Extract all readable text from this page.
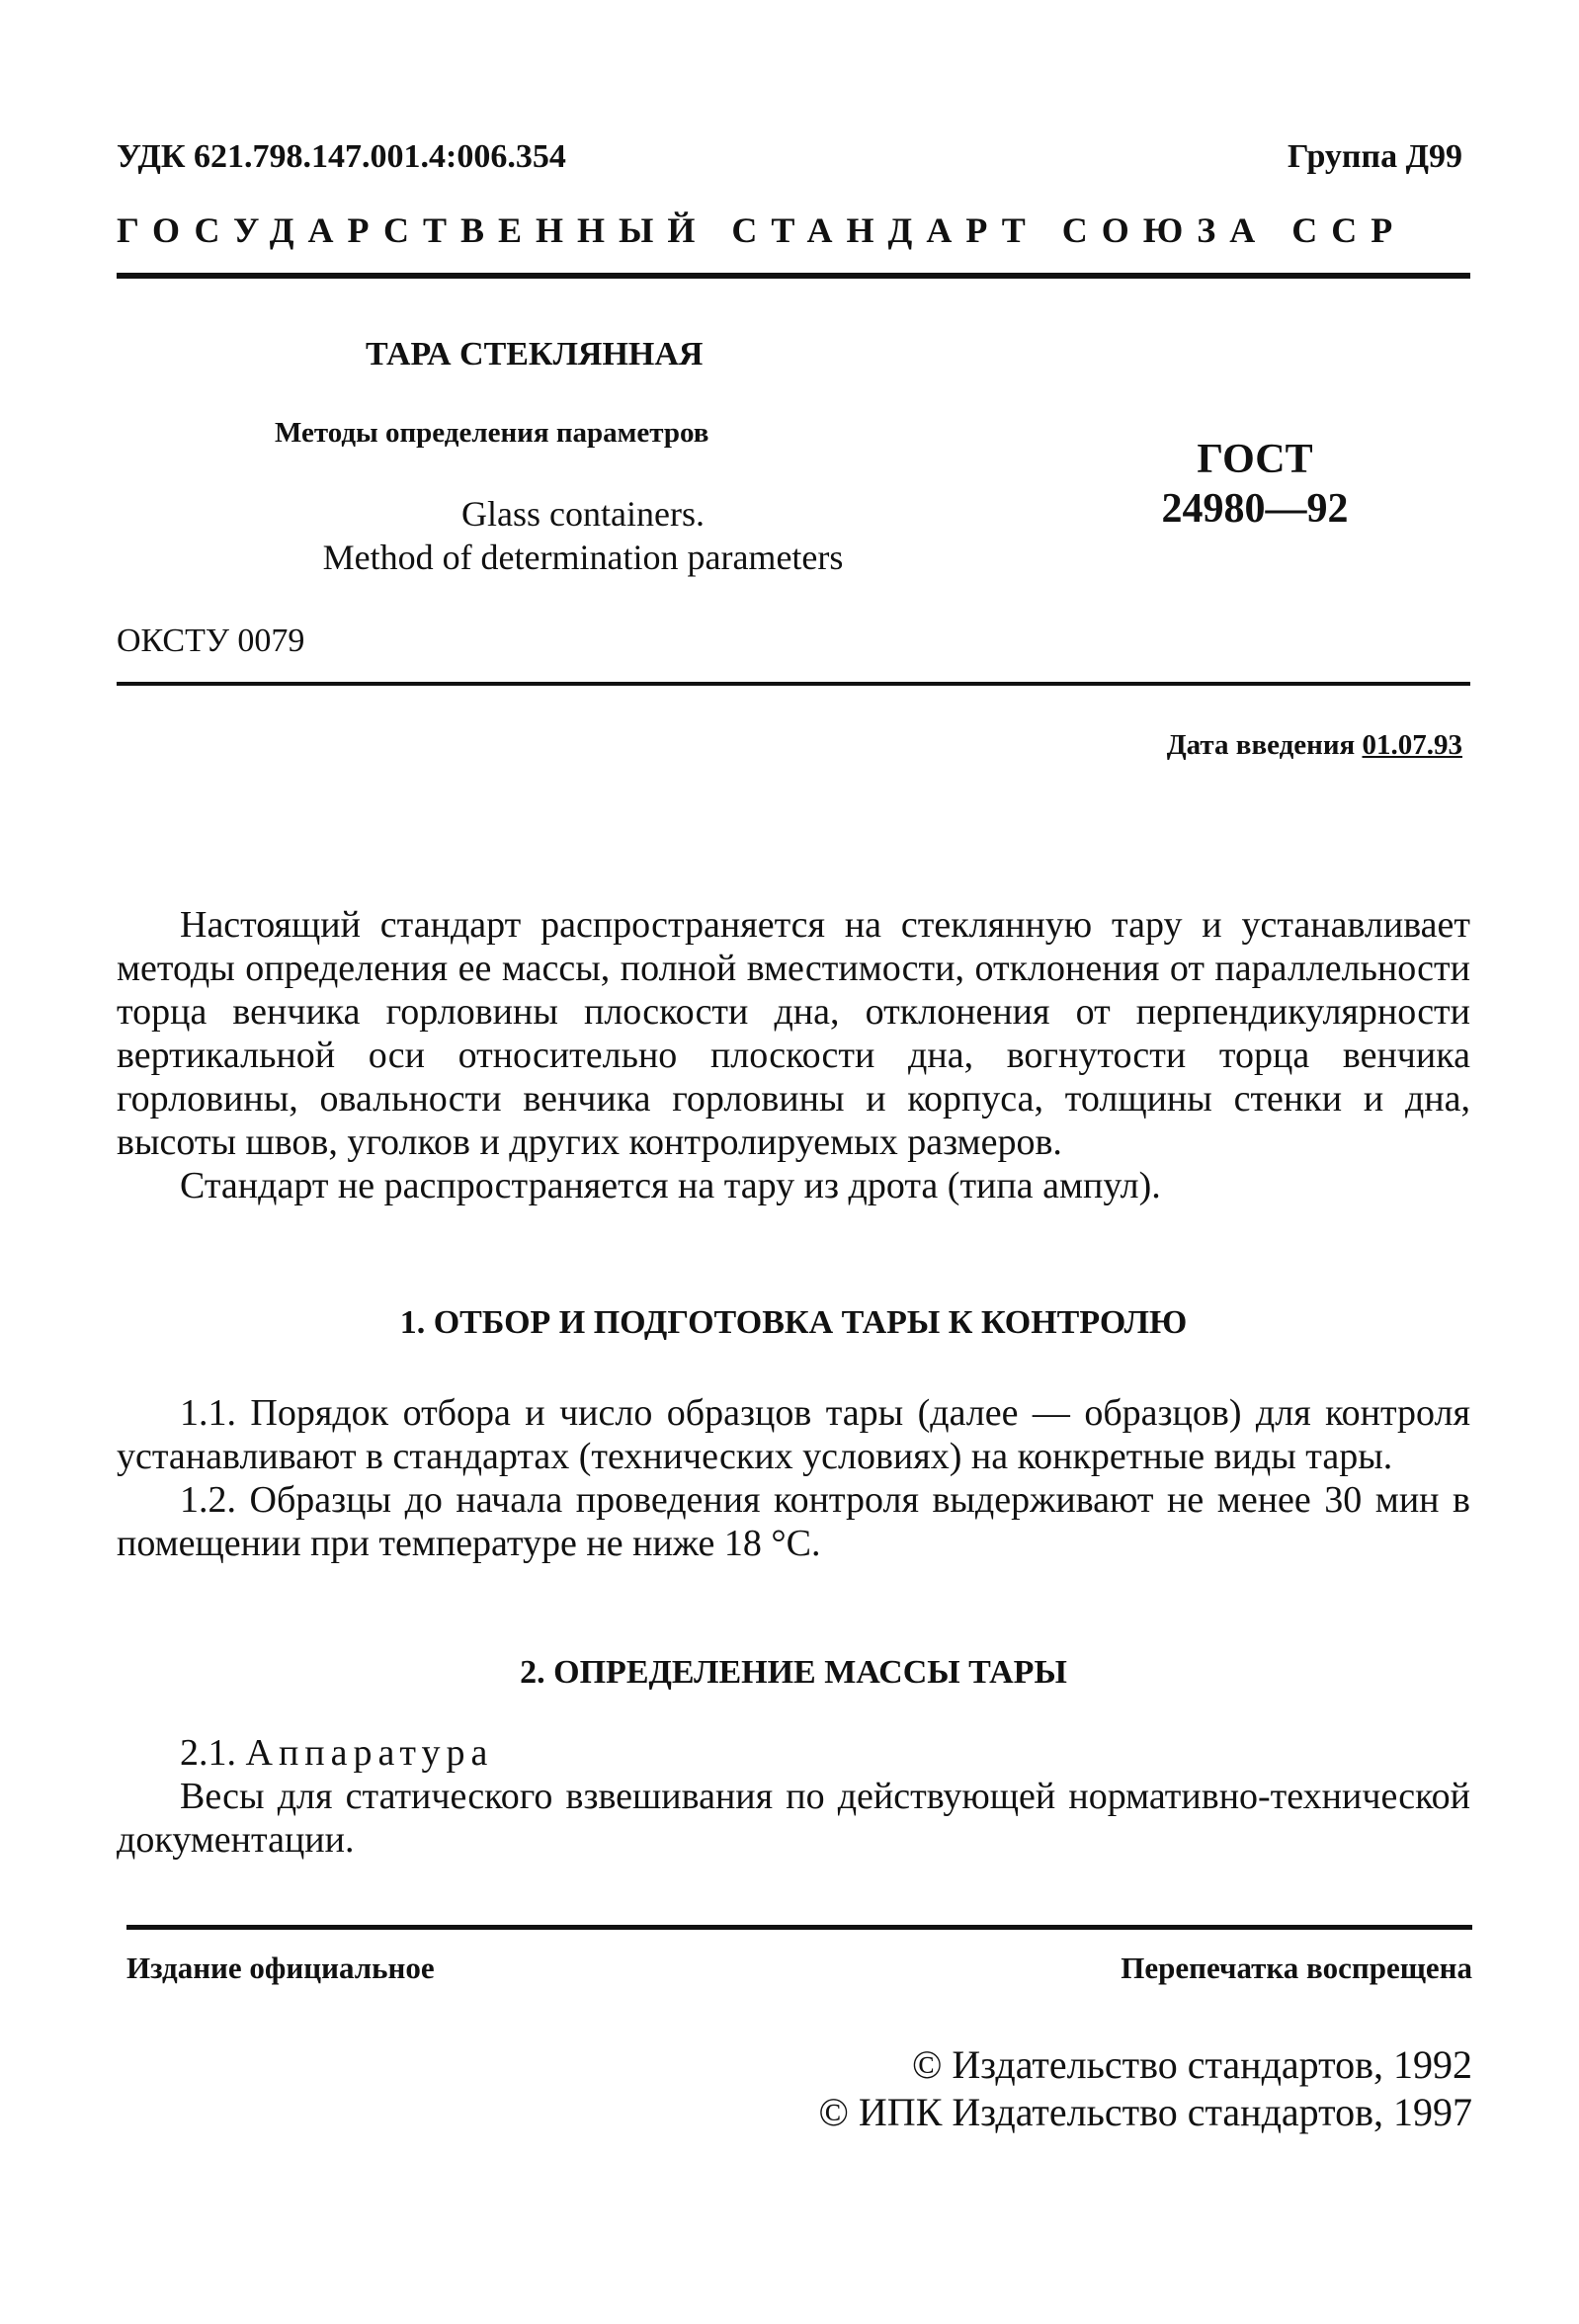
УДК 621.798.147.001.4:006.354	Группа Д99
ГОСУДАРСТВЕННЫЙ СТАНДАРТ СОЮЗА ССР
ТАРА СТЕКЛЯННАЯ
Методы определения параметров
Glass containers.
Method of determination parameters
ГОСТ
24980—92
ОКСТУ 0079
Дата введения 01.07.93

Настоящий стандарт распространяется на стеклянную тару и устанавливает методы определения ее массы, полной вместимости, отклонения от параллельности торца венчика горловины плоскости дна, отклонения от перпендикулярности вертикальной оси относительно плоскости дна, вогнутости торца венчика горловины, овальности венчика горловины и корпуса, толщины стенки и дна, высоты швов, уголков и других контролируемых размеров.

Стандарт не распространяется на тару из дрота (типа ампул).

1. ОТБОР И ПОДГОТОВКА ТАРЫ К КОНТРОЛЮ

1.1. Порядок отбора и число образцов тары (далее — образцов) для контроля устанавливают в стандартах (технических условиях) на конкретные виды тары.

1.2. Образцы до начала проведения контроля выдерживают не менее 30 мин в помещении при температуре не ниже 18 °С.

2. ОПРЕДЕЛЕНИЕ МАССЫ ТАРЫ

2.1. Аппаратура

Весы для статического взвешивания по действующей нормативно-технической документации.

Издание официальное	Перепечатка воспрещена
© Издательство стандартов, 1992
© ИПК Издательство стандартов, 1997
